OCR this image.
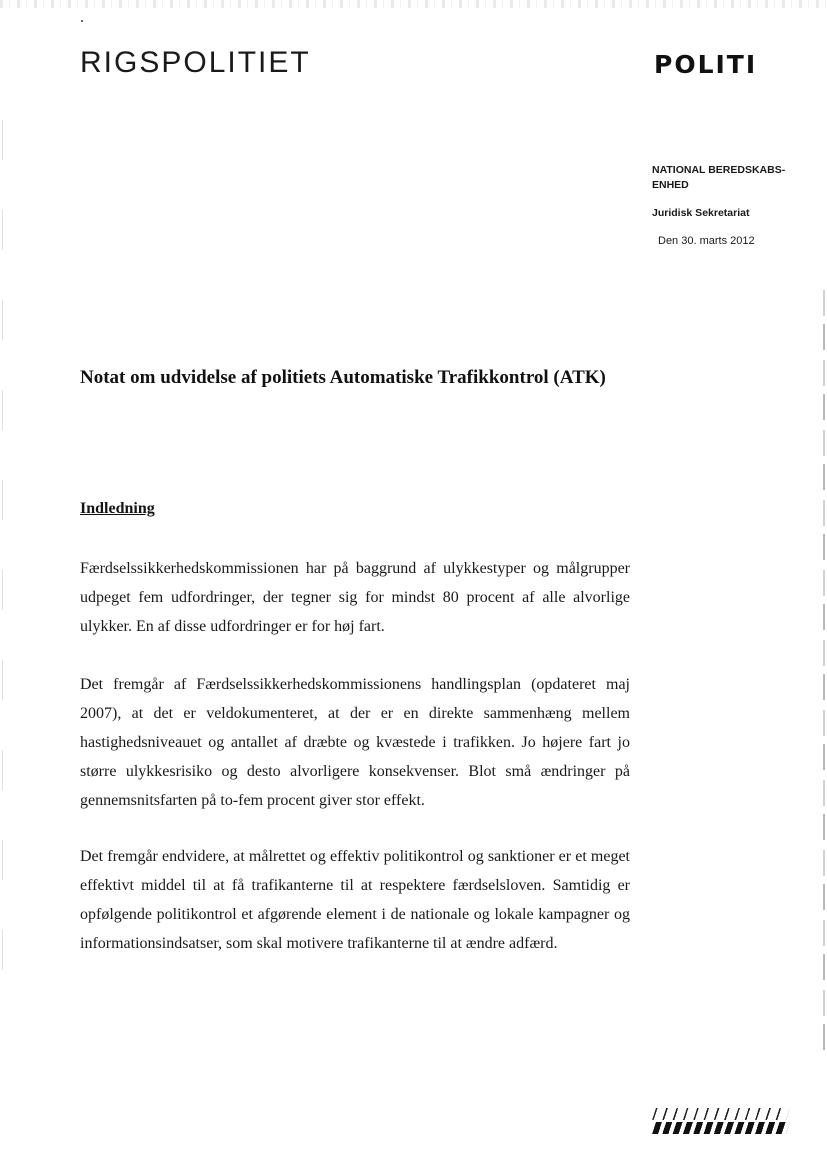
RIGSPOLITIET	POLITI
NATIONAL BEREDSKABS-
ENHED
Juridisk Sekretariat
Den 30. marts 2012
Notat om udvidelse af politiets Automatiske Trafikkontrol (ATK)
Indledning

Færdselssikkerhedskommissionen har på baggrund af ulykkestyper og målgrupper udpeget fem udfordringer, der tegner sig for mindst 80 procent af alle alvorlige ulykker. En af disse udfordringer er for høj fart.

Det fremgår af Færdselssikkerhedskommissionens handlingsplan (opdateret maj 2007), at det er veldokumenteret, at der er en direkte sammenhæng mellem hastighedsniveauet og antallet af dræbte og kvæstede i trafikken. Jo højere fart jo større ulykkesrisiko og desto alvorligere konsekvenser. Blot små ændringer på gennemsnitsfarten på to-fem procent giver stor effekt.

Det fremgår endvidere, at målrettet og effektiv politikontrol og sanktioner er et meget effektivt middel til at få trafikanterne til at respektere færdselsloven. Samtidig er opfølgende politikontrol et afgørende element i de nationale og lokale kampagner og informationsindsatser, som skal motivere trafikanterne til at ændre adfærd.
